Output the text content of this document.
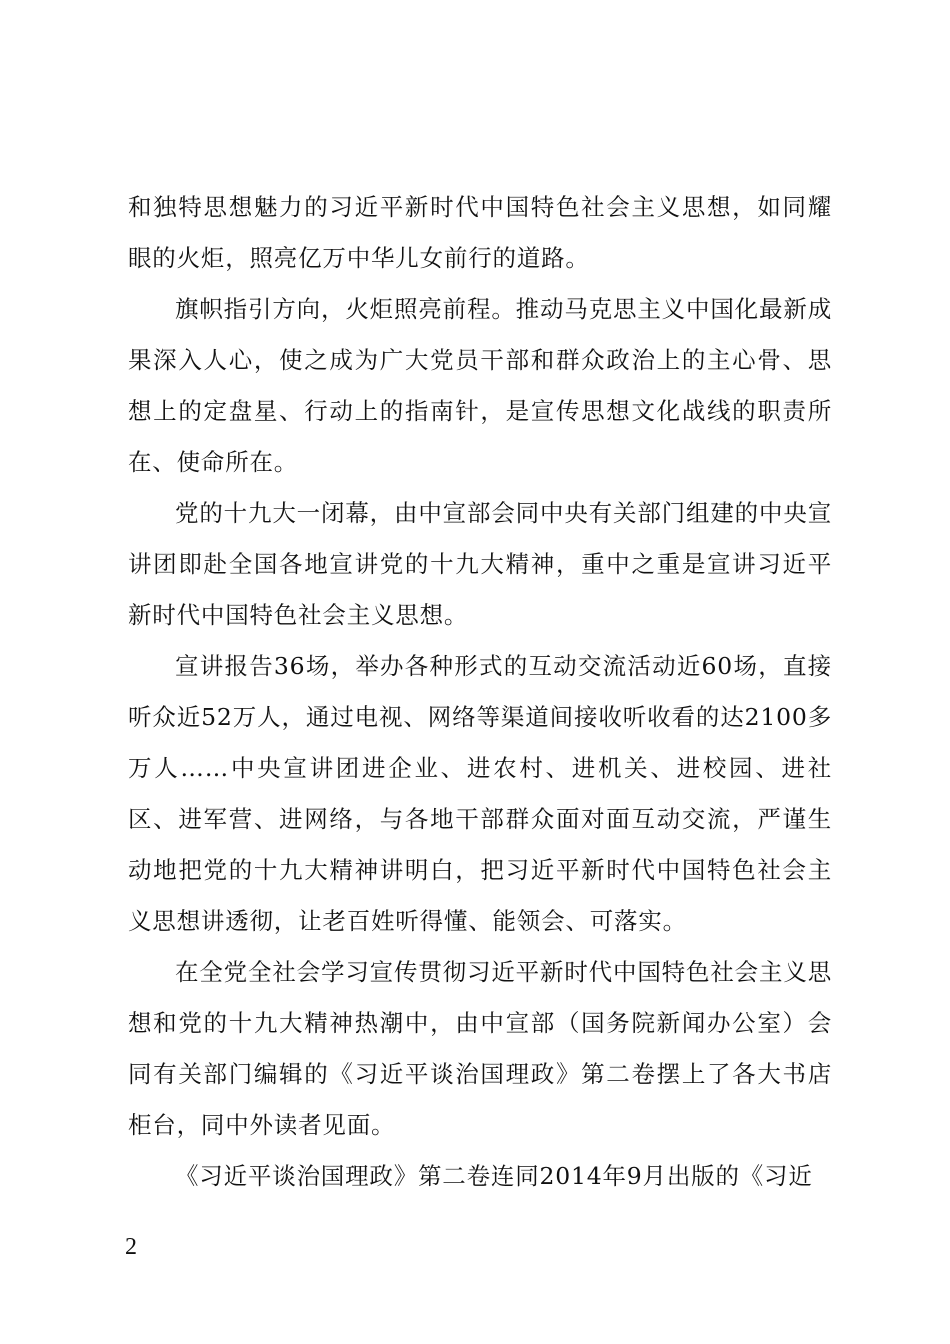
和独特思想魅力的习近平新时代中国特色社会主义思想，如同耀眼的火炬，照亮亿万中华儿女前行的道路。

旗帜指引方向，火炬照亮前程。推动马克思主义中国化最新成果深入人心，使之成为广大党员干部和群众政治上的主心骨、思想上的定盘星、行动上的指南针，是宣传思想文化战线的职责所在、使命所在。

党的十九大一闭幕，由中宣部会同中央有关部门组建的中央宣讲团即赴全国各地宣讲党的十九大精神，重中之重是宣讲习近平新时代中国特色社会主义思想。

宣讲报告36场，举办各种形式的互动交流活动近60场，直接听众近52万人，通过电视、网络等渠道间接收听收看的达2100多万人……中央宣讲团进企业、进农村、进机关、进校园、进社区、进军营、进网络，与各地干部群众面对面互动交流，严谨生动地把党的十九大精神讲明白，把习近平新时代中国特色社会主义思想讲透彻，让老百姓听得懂、能领会、可落实。

在全党全社会学习宣传贯彻习近平新时代中国特色社会主义思想和党的十九大精神热潮中，由中宣部（国务院新闻办公室）会同有关部门编辑的《习近平谈治国理政》第二卷摆上了各大书店柜台，同中外读者见面。

《习近平谈治国理政》第二卷连同2014年9月出版的《习近

2
